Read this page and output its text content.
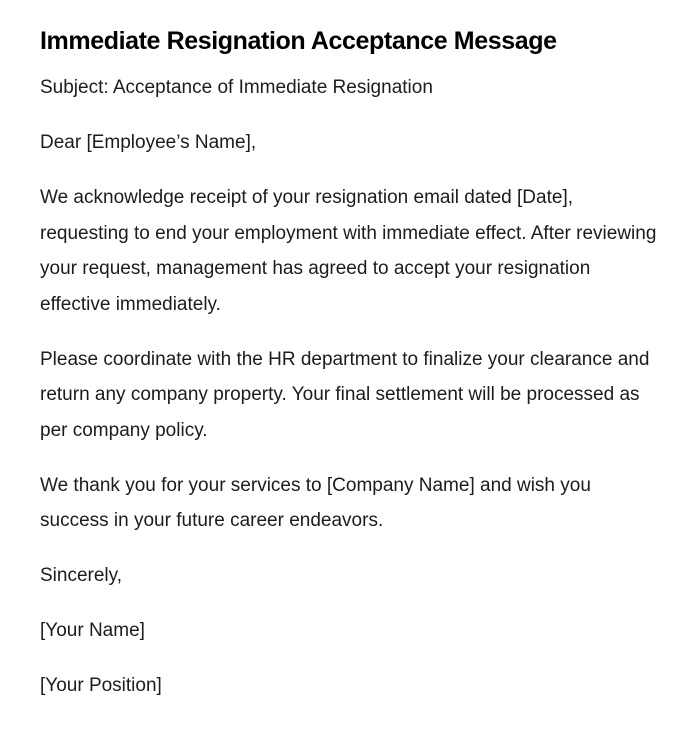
Immediate Resignation Acceptance Message

Subject: Acceptance of Immediate Resignation

Dear [Employee’s Name],

We acknowledge receipt of your resignation email dated [Date], requesting to end your employment with immediate effect. After reviewing your request, management has agreed to accept your resignation effective immediately.

Please coordinate with the HR department to finalize your clearance and return any company property. Your final settlement will be processed as per company policy.

We thank you for your services to [Company Name] and wish you success in your future career endeavors.

Sincerely,

[Your Name]

[Your Position]
